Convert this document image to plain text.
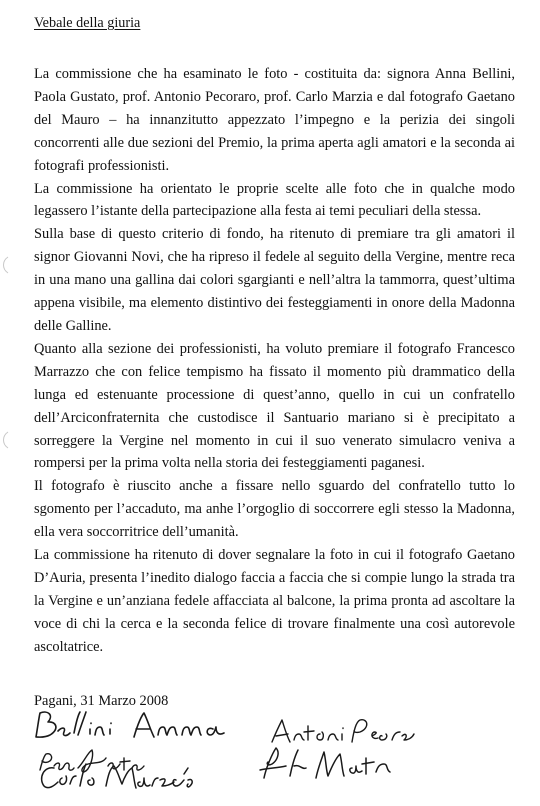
Vebale della giuria

La commissione che ha esaminato le foto - costituita da: signora Anna Bellini, Paola Gustato, prof. Antonio Pecoraro, prof. Carlo Marzia e dal fotografo Gaetano del Mauro – ha innanzitutto appezzato l’impegno e la perizia dei singoli concorrenti alle due sezioni del Premio, la prima aperta agli amatori e la seconda ai fotografi professionisti.

La commissione ha orientato le proprie scelte alle foto che in qualche modo legassero l’istante della partecipazione alla festa ai temi peculiari della stessa.

Sulla base di questo criterio di fondo, ha ritenuto di premiare tra gli amatori il signor Giovanni Novi, che ha ripreso il fedele al seguito della Vergine, mentre reca in una mano una gallina dai colori sgargianti e nell’altra la tammorra, quest’ultima appena visibile, ma elemento distintivo dei festeggiamenti in onore della Madonna delle Galline.

Quanto alla sezione dei professionisti, ha voluto premiare il fotografo Francesco Marrazzo che con felice tempismo ha fissato il momento più drammatico della lunga ed estenuante processione di quest’anno, quello in cui un confratello dell’Arciconfraternita che custodisce il Santuario mariano si è precipitato a sorreggere la Vergine nel momento in cui il suo venerato simulacro veniva a rompersi per la prima volta nella storia dei festeggiamenti paganesi.

Il fotografo è riuscito anche a fissare nello sguardo del confratello tutto lo sgomento per l’accaduto, ma anhe l’orgoglio di soccorrere egli stesso la Madonna, ella vera soccorritrice dell’umanità.

La commissione ha ritenuto di dover segnalare la foto in cui il fotografo Gaetano D’Auria, presenta l’inedito dialogo faccia a faccia che si compie lungo la strada tra la Vergine e un’anziana fedele affacciata al balcone, la prima pronta ad ascoltare la voce di chi la cerca e la seconda felice di trovare finalmente una così autorevole ascoltatrice.

Pagani, 31 Marzo 2008
